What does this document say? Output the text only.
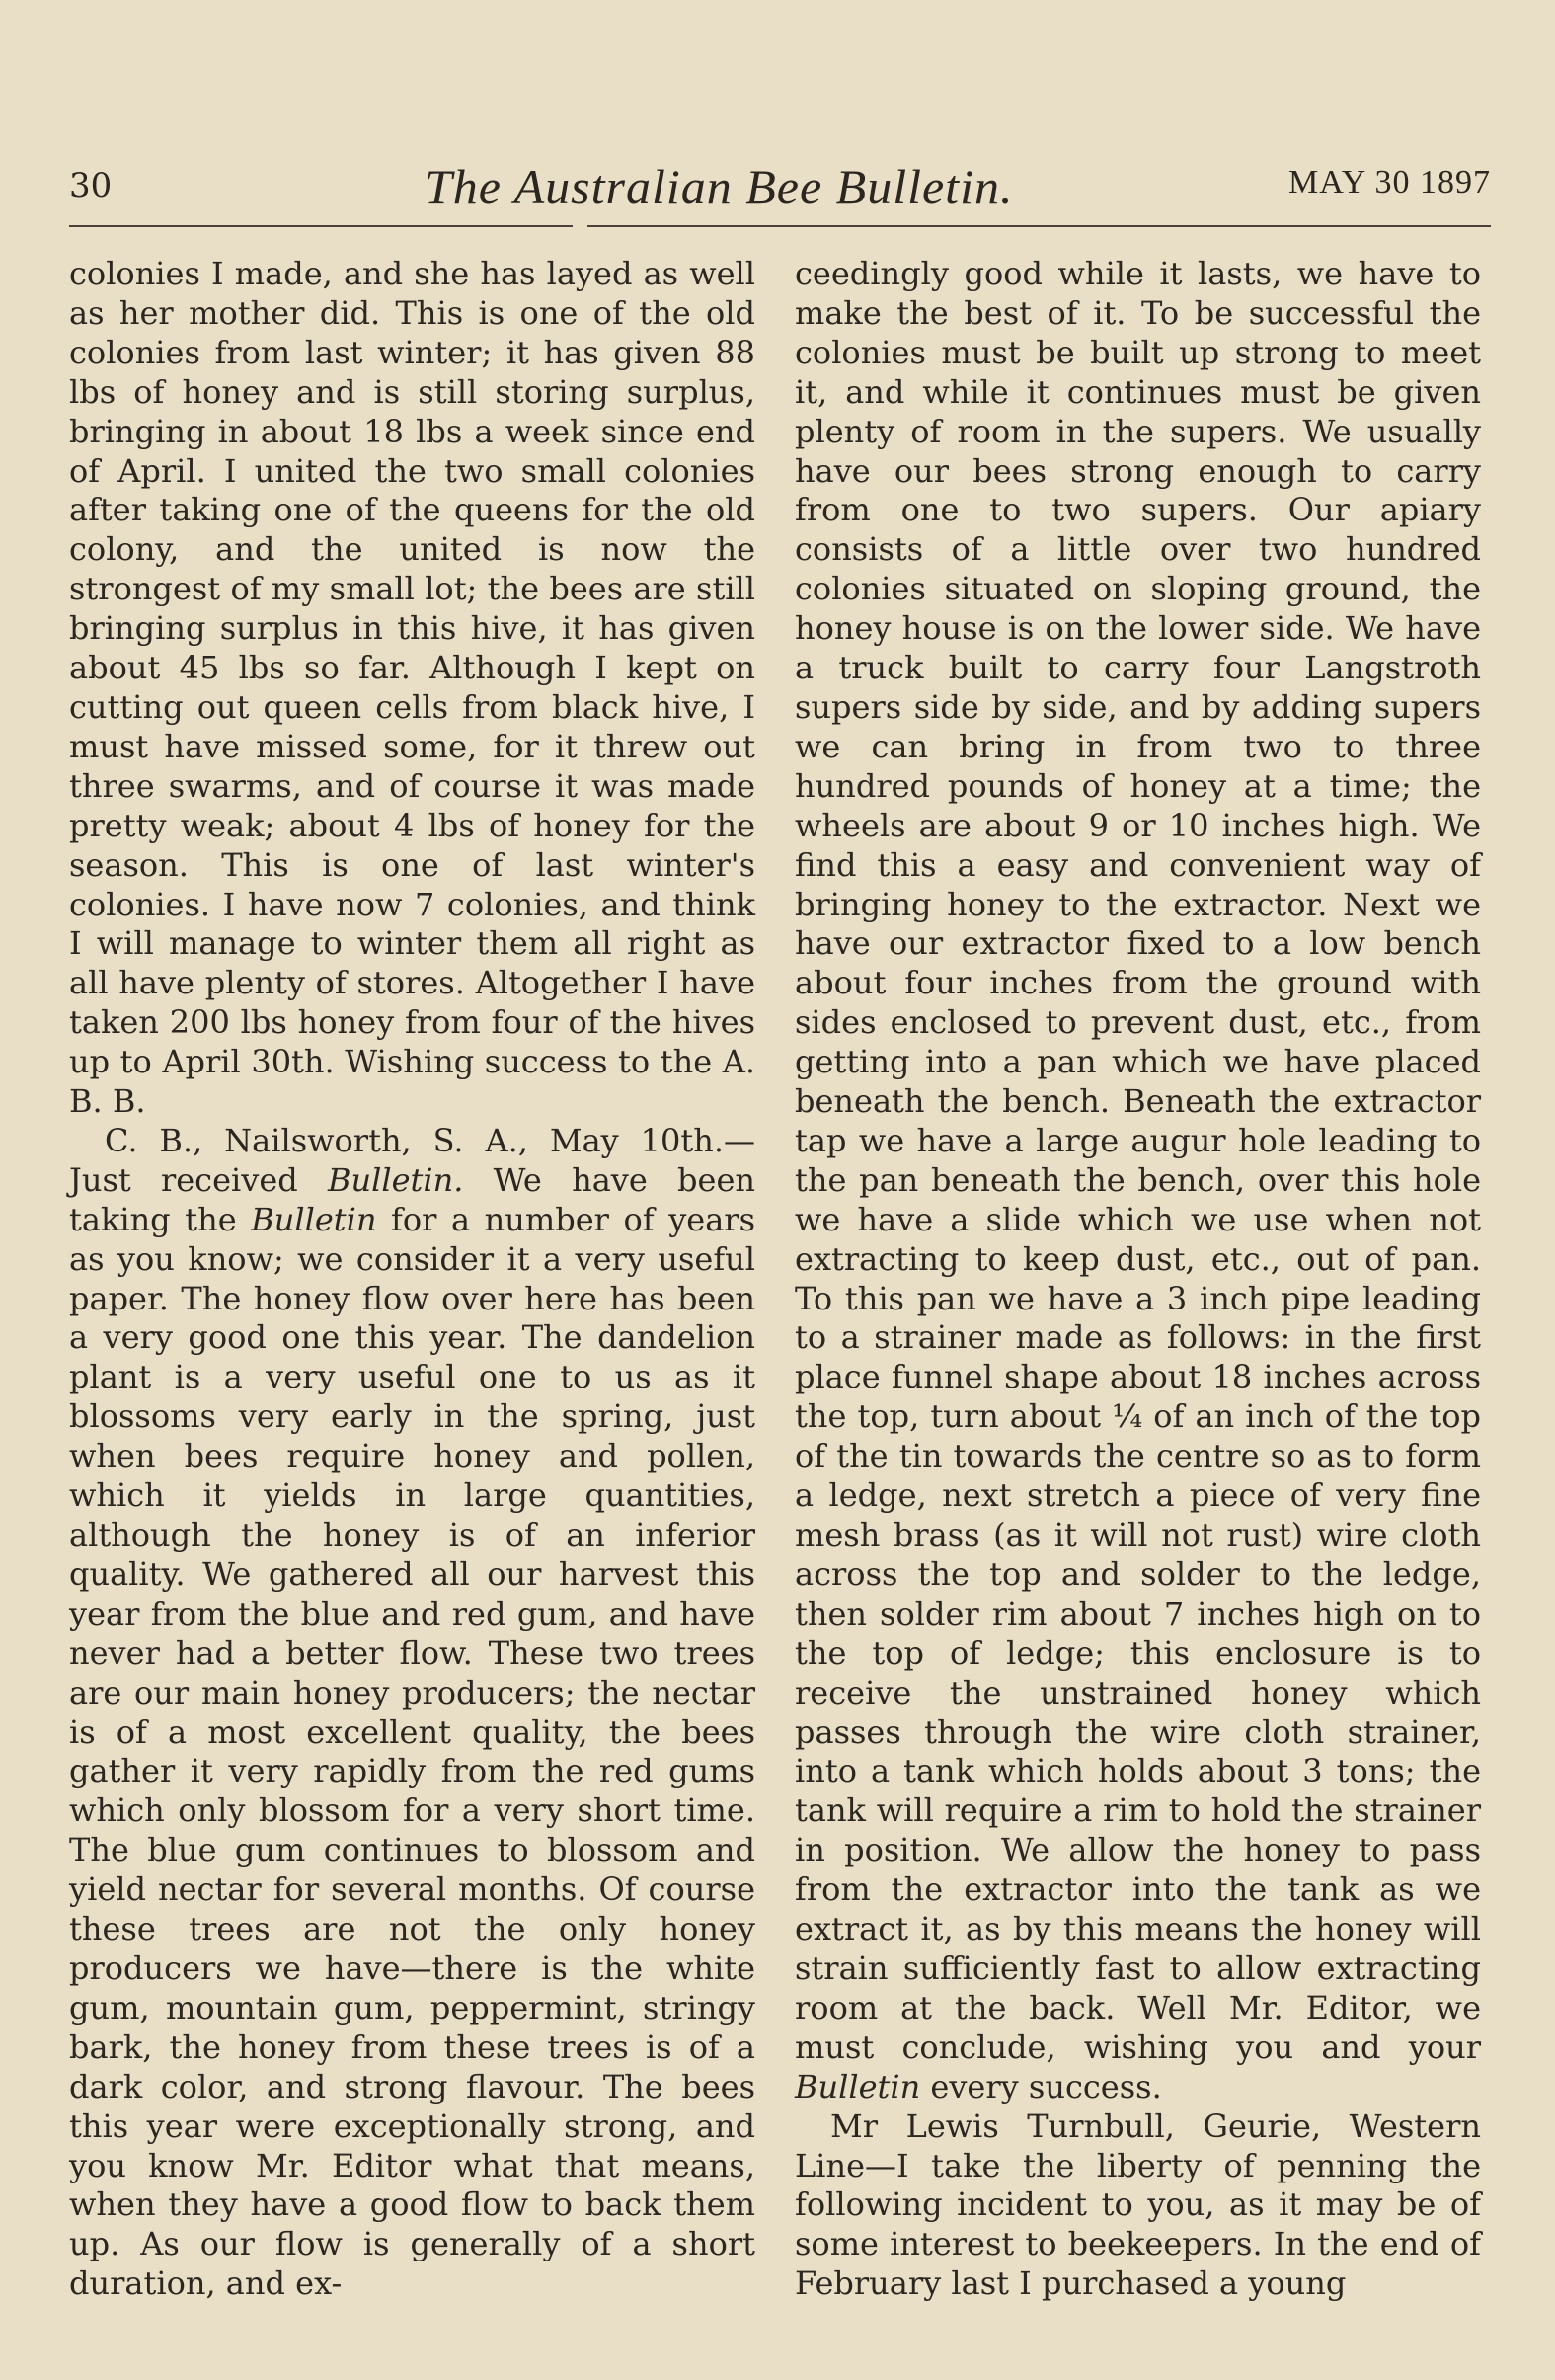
30	The Australian Bee Bulletin.	MAY 30 1897

colonies I made, and she has layed as well as her mother did. This is one of the old colonies from last winter; it has given 88 lbs of honey and is still storing surplus, bringing in about 18 lbs a week since end of April. I united the two small colonies after taking one of the queens for the old colony, and the united is now the strongest of my small lot; the bees are still bringing surplus in this hive, it has given about 45 lbs so far. Although I kept on cutting out queen cells from black hive, I must have missed some, for it threw out three swarms, and of course it was made pretty weak; about 4 lbs of honey for the season. This is one of last winter's colonies. I have now 7 colonies, and think I will manage to winter them all right as all have plenty of stores. Altogether I have taken 200 lbs honey from four of the hives up to April 30th. Wishing success to the A. B. B.

C. B., Nailsworth, S. A., May 10th.— Just received Bulletin. We have been taking the Bulletin for a number of years as you know; we consider it a very useful paper. The honey flow over here has been a very good one this year. The dandelion plant is a very useful one to us as it blossoms very early in the spring, just when bees require honey and pollen, which it yields in large quantities, although the honey is of an inferior quality. We gathered all our harvest this year from the blue and red gum, and have never had a better flow. These two trees are our main honey producers; the nectar is of a most excellent quality, the bees gather it very rapidly from the red gums which only blossom for a very short time. The blue gum continues to blossom and yield nectar for several months. Of course these trees are not the only honey producers we have—there is the white gum, mountain gum, peppermint, stringy bark, the honey from these trees is of a dark color, and strong flavour. The bees this year were exceptionally strong, and you know Mr. Editor what that means, when they have a good flow to back them up. As our flow is generally of a short duration, and ex-

ceedingly good while it lasts, we have to make the best of it. To be successful the colonies must be built up strong to meet it, and while it continues must be given plenty of room in the supers. We usually have our bees strong enough to carry from one to two supers. Our apiary consists of a little over two hundred colonies situated on sloping ground, the honey house is on the lower side. We have a truck built to carry four Langstroth supers side by side, and by adding supers we can bring in from two to three hundred pounds of honey at a time; the wheels are about 9 or 10 inches high. We find this a easy and convenient way of bringing honey to the extractor. Next we have our extractor fixed to a low bench about four inches from the ground with sides enclosed to prevent dust, etc., from getting into a pan which we have placed beneath the bench. Beneath the extractor tap we have a large augur hole leading to the pan beneath the bench, over this hole we have a slide which we use when not extracting to keep dust, etc., out of pan. To this pan we have a 3 inch pipe leading to a strainer made as follows: in the first place funnel shape about 18 inches across the top, turn about ¼ of an inch of the top of the tin towards the centre so as to form a ledge, next stretch a piece of very fine mesh brass (as it will not rust) wire cloth across the top and solder to the ledge, then solder rim about 7 inches high on to the top of ledge; this enclosure is to receive the unstrained honey which passes through the wire cloth strainer, into a tank which holds about 3 tons; the tank will require a rim to hold the strainer in position. We allow the honey to pass from the extractor into the tank as we extract it, as by this means the honey will strain sufficiently fast to allow extracting room at the back. Well Mr. Editor, we must conclude, wishing you and your Bulletin every success.

Mr Lewis Turnbull, Geurie, Western Line—I take the liberty of penning the following incident to you, as it may be of some interest to beekeepers. In the end of February last I purchased a young
